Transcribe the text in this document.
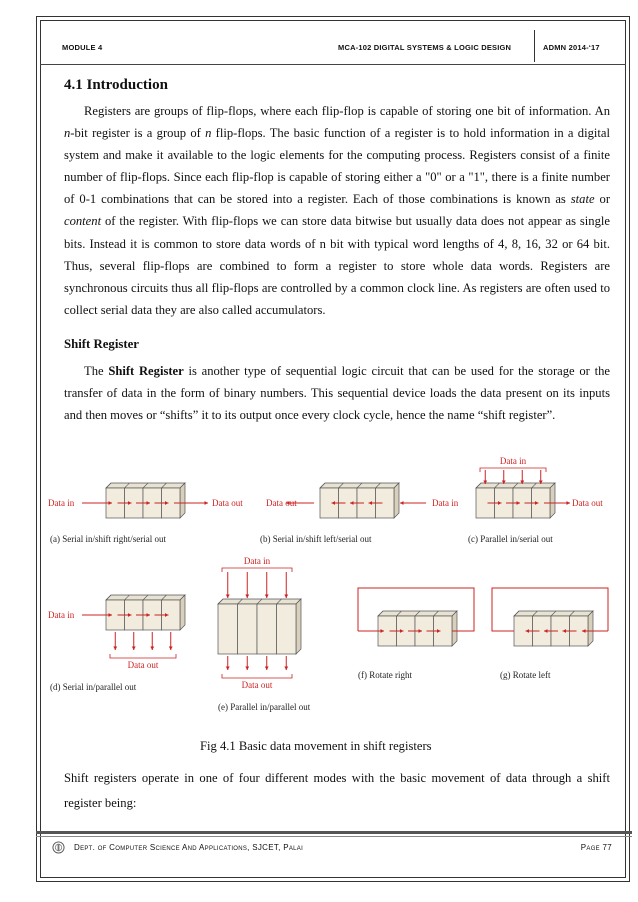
MODULE 4	MCA-102 DIGITAL SYSTEMS & LOGIC DESIGN	ADMN 2014-‘17
4.1 Introduction

Registers are groups of flip-flops, where each flip-flop is capable of storing one bit of information. An n-bit register is a group of n flip-flops. The basic function of a register is to hold information in a digital system and make it available to the logic elements for the computing process. Registers consist of a finite number of flip-flops. Since each flip-flop is capable of storing either a "0" or a "1", there is a finite number of 0-1 combinations that can be stored into a register. Each of those combinations is known as state or content of the register. With flip-flops we can store data bitwise but usually data does not appear as single bits. Instead it is common to store data words of n bit with typical word lengths of 4, 8, 16, 32 or 64 bit. Thus, several flip-flops are combined to form a register to store whole data words. Registers are synchronous circuits thus all flip-flops are controlled by a common clock line. As registers are often used to collect serial data they are also called accumulators.

Shift Register

The Shift Register is another type of sequential logic circuit that can be used for the storage or the transfer of data in the form of binary numbers. This sequential device loads the data present on its inputs and then moves or “shifts” it to its output once every clock cycle, hence the name “shift register”.

Data in	Data out
(a) Serial in/shift right/serial out
Data out	Data in
(b) Serial in/shift left/serial out
Data in
Data out
(c) Parallel in/serial out
Data in
Data out
(d) Serial in/parallel out
Data in
Data out
(e) Parallel in/parallel out
(f) Rotate right	(g) Rotate left
Fig 4.1 Basic data movement in shift registers
Shift registers operate in one of four different modes with the basic movement of data through a shift register being:
Dept. of Computer Science And Applications, SJCET, Palai	Page 77
